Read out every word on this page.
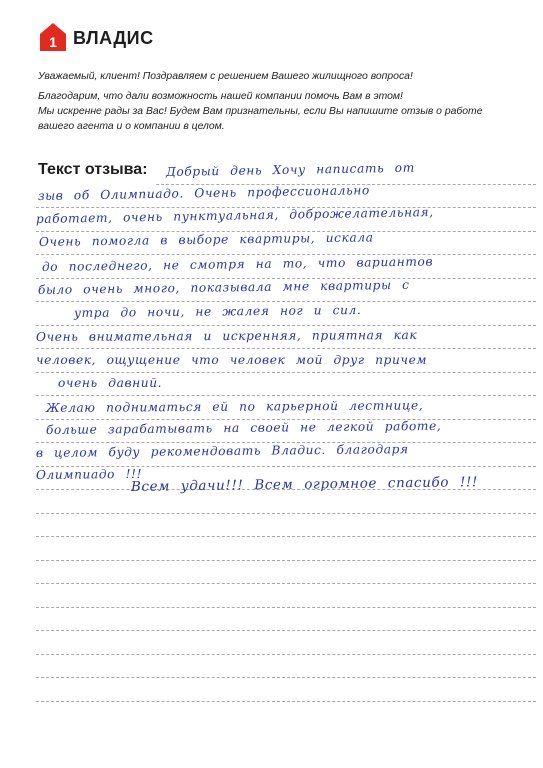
1 ВЛАДИС

Уважаемый, клиент! Поздравляем с решением Вашего жилищного вопроса!

Благодарим, что дали возможность нашей компании помочь Вам в этом!

Мы искренне рады за Вас! Будем Вам признательны, если Вы напишите отзыв о работе вашего агента и о компании в целом.

Текст отзыва: Добрый день Хочу написать от
зыв об Олимпиадо. Очень профессионально
работает, очень пунктуальная, доброжелательная,
Очень помогла в выборе квартиры, искала
до последнего, не смотря на то, что вариантов
было очень много, показывала мне квартиры с
утра до ночи, не жалея ног и сил.
Очень внимательная и искренняя, приятная как
человек, ощущение что человек мой друг причем
очень давний.
Желаю подниматься ей по карьерной лестнице,
больше зарабатывать на своей не легкой работе,
в целом буду рекомендовать Владис. благодаря
Олимпиадо !!!
Всем удачи!!! Всем огромное спасибо !!!
